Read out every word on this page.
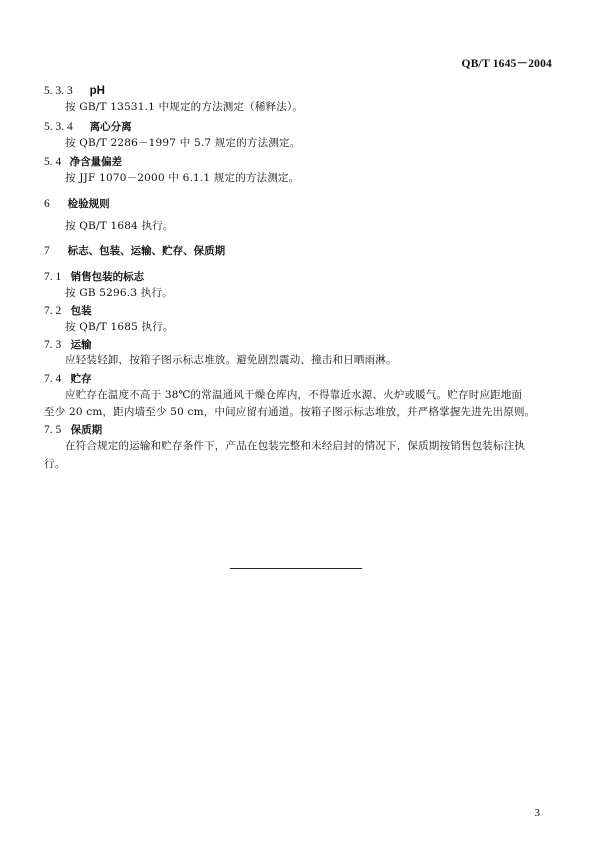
QB/T 1645－2004
5. 3. 3 pH
按 GB/T 13531.1 中规定的方法测定（稀释法）。
5. 3. 4 离心分离
按 QB/T 2286－1997 中 5.7 规定的方法测定。
5. 4 净含量偏差
按 JJF 1070－2000 中 6.1.1 规定的方法测定。
6 检验规则
按 QB/T 1684 执行。
7 标志、包装、运输、贮存、保质期
7. 1 销售包装的标志
按 GB 5296.3 执行。
7. 2 包装
按 QB/T 1685 执行。
7. 3 运输
应轻装轻卸，按箱子图示标志堆放。避免剧烈震动、撞击和日晒雨淋。
7. 4 贮存
应贮存在温度不高于 38℃的常温通风干燥仓库内，不得靠近水源、火炉或暖气。贮存时应距地面
至少 20 cm，距内墙至少 50 cm，中间应留有通道。按箱子图示标志堆放，并严格掌握先进先出原则。
7. 5 保质期
在符合规定的运输和贮存条件下，产品在包装完整和未经启封的情况下，保质期按销售包装标注执
行。
3
